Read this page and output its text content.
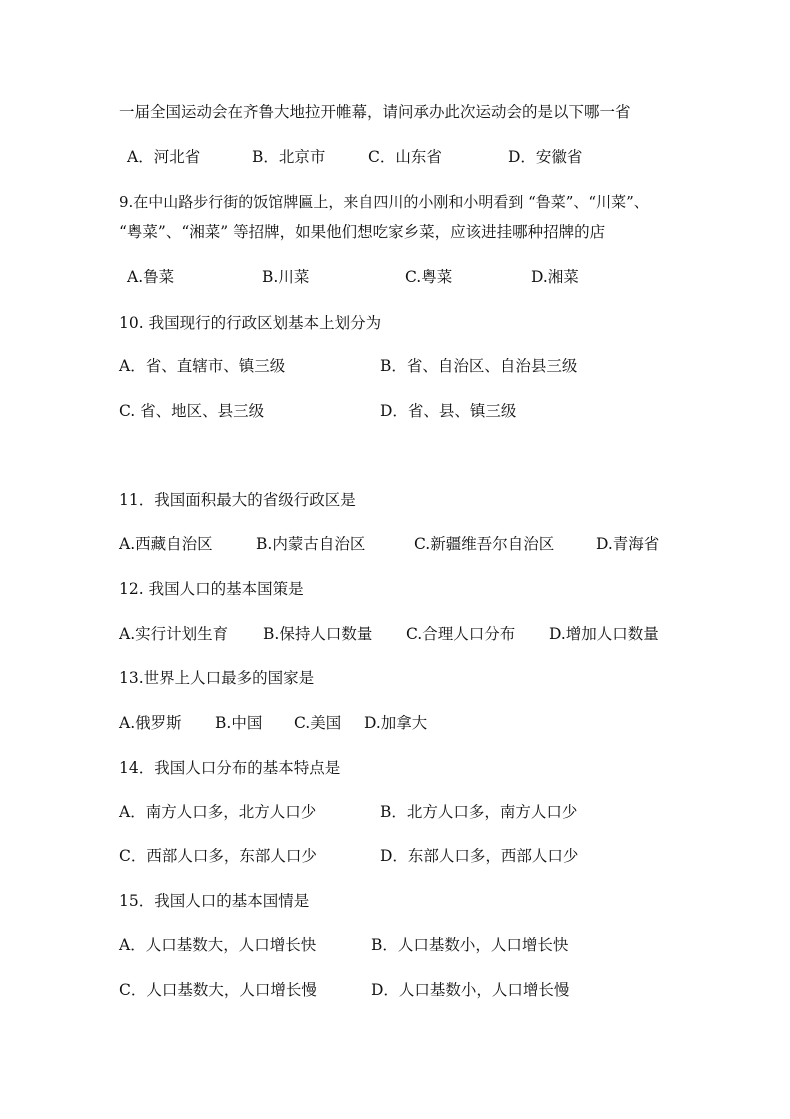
一届全国运动会在齐鲁大地拉开帷幕，请问承办此次运动会的是以下哪一省
A．河北省	B．北京市	C．山东省	D．安徽省
9.在中山路步行街的饭馆牌匾上，来自四川的小刚和小明看到 “鲁菜”、“川菜”、
“粤菜”、“湘菜” 等招牌，如果他们想吃家乡菜，应该进挂哪种招牌的店
A.鲁菜	B.川菜	C.粤菜	D.湘菜
10. 我国现行的行政区划基本上划分为
A．省、直辖市、镇三级	B．省、自治区、自治县三级
C. 省、地区、县三级	D．省、县、镇三级
11．我国面积最大的省级行政区是
A.西藏自治区	B.内蒙古自治区	C.新疆维吾尔自治区	D.青海省
12. 我国人口的基本国策是
A.实行计划生育 B.保持人口数量 C.合理人口分布 D.增加人口数量
13.世界上人口最多的国家是
A.俄罗斯 B.中国 C.美国 D.加拿大
14．我国人口分布的基本特点是
A．南方人口多，北方人口少	B．北方人口多，南方人口少
C．西部人口多，东部人口少	D．东部人口多，西部人口少
15．我国人口的基本国情是
A．人口基数大，人口增长快	B．人口基数小，人口增长快
C．人口基数大，人口增长慢	D．人口基数小，人口增长慢
